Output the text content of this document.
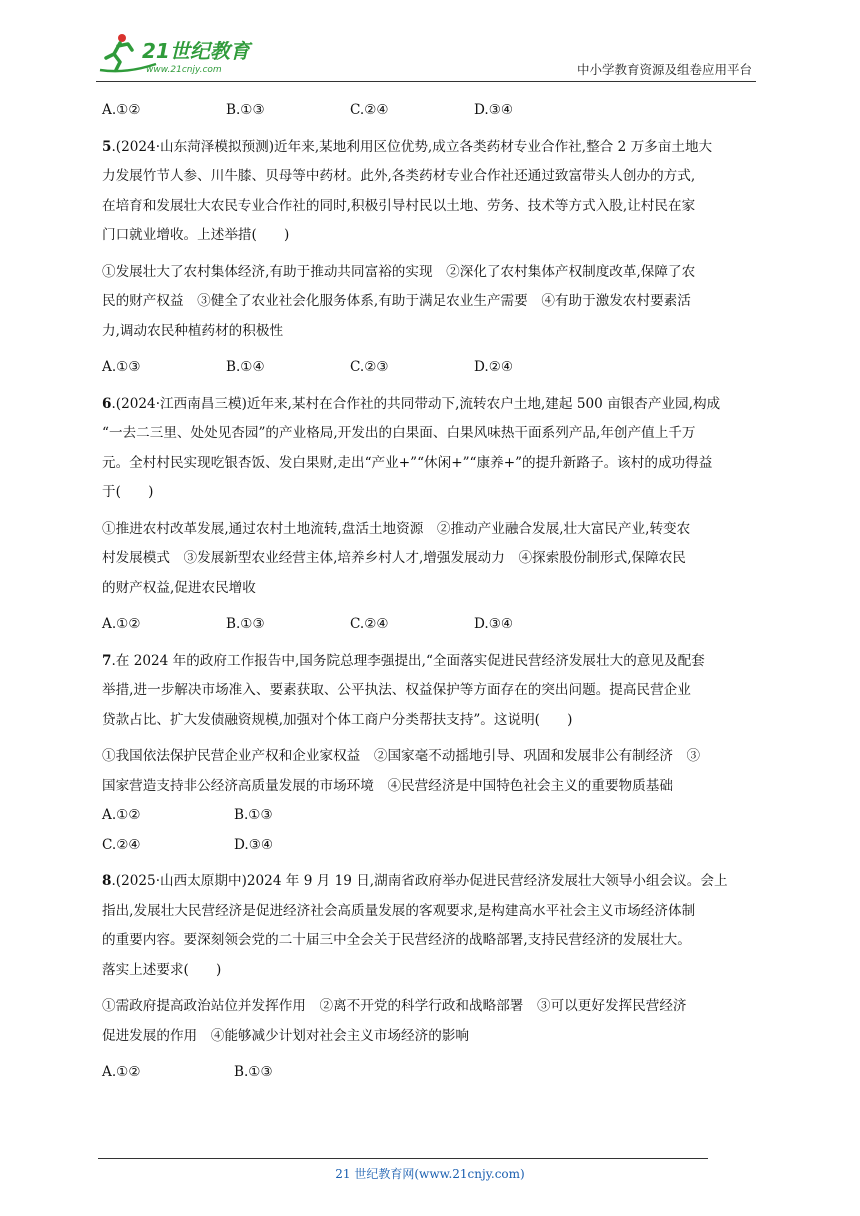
21世纪教育
www.21cnjy.com	中小学教育资源及组卷应用平台
A.①②	B.①③	C.②④	D.③④
5.(2024·山东菏泽模拟预测)近年来,某地利用区位优势,成立各类药材专业合作社,整合 2 万多亩土地大
力发展竹节人参、川牛膝、贝母等中药材。此外,各类药材专业合作社还通过致富带头人创办的方式,
在培育和发展壮大农民专业合作社的同时,积极引导村民以土地、劳务、技术等方式入股,让村民在家
门口就业增收。上述举措(　　)
①发展壮大了农村集体经济,有助于推动共同富裕的实现　②深化了农村集体产权制度改革,保障了农
民的财产权益　③健全了农业社会化服务体系,有助于满足农业生产需要　④有助于激发农村要素活
力,调动农民种植药材的积极性
A.①③	B.①④	C.②③	D.②④
6.(2024·江西南昌三模)近年来,某村在合作社的共同带动下,流转农户土地,建起 500 亩银杏产业园,构成
“一去二三里、处处见杏园”的产业格局,开发出的白果面、白果风味热干面系列产品,年创产值上千万
元。全村村民实现吃银杏饭、发白果财,走出“产业+”“休闲+”“康养+”的提升新路子。该村的成功得益
于(　　)
①推进农村改革发展,通过农村土地流转,盘活土地资源　②推动产业融合发展,壮大富民产业,转变农
村发展模式　③发展新型农业经营主体,培养乡村人才,增强发展动力　④探索股份制形式,保障农民
的财产权益,促进农民增收
A.①②	B.①③	C.②④	D.③④
7.在 2024 年的政府工作报告中,国务院总理李强提出,“全面落实促进民营经济发展壮大的意见及配套
举措,进一步解决市场准入、要素获取、公平执法、权益保护等方面存在的突出问题。提高民营企业
贷款占比、扩大发债融资规模,加强对个体工商户分类帮扶支持”。这说明(　　)
①我国依法保护民营企业产权和企业家权益　②国家毫不动摇地引导、巩固和发展非公有制经济　③
国家营造支持非公经济高质量发展的市场环境　④民营经济是中国特色社会主义的重要物质基础
A.①②	B.①③
C.②④	D.③④
8.(2025·山西太原期中)2024 年 9 月 19 日,湖南省政府举办促进民营经济发展壮大领导小组会议。会上
指出,发展壮大民营经济是促进经济社会高质量发展的客观要求,是构建高水平社会主义市场经济体制
的重要内容。要深刻领会党的二十届三中全会关于民营经济的战略部署,支持民营经济的发展壮大。
落实上述要求(　　)
①需政府提高政治站位并发挥作用　②离不开党的科学行政和战略部署　③可以更好发挥民营经济
促进发展的作用　④能够减少计划对社会主义市场经济的影响
A.①②	B.①③
21 世纪教育网(www.21cnjy.com)
